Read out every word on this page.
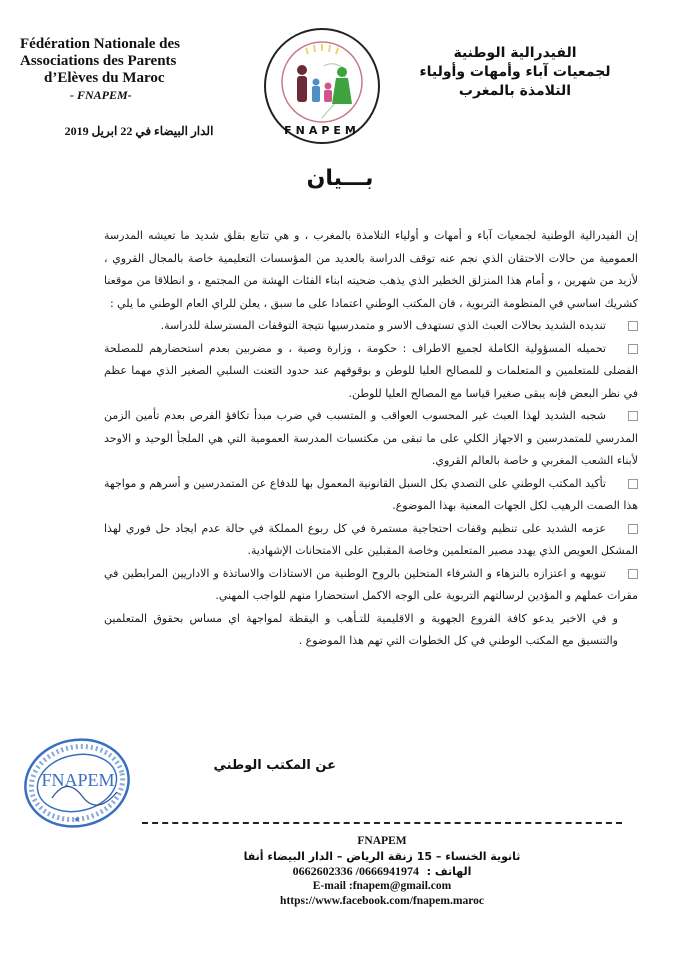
Fédération Nationale des
Associations des Parents
d’Elèves du Maroc
- FNAPEM-
الدار البيضاء في 22 ابريل 2019	FNAPEM
الفيدرالية الوطنية
لجمعيات آباء وأمهات وأولياء
التلامذة بالمغرب
بـــيان

إن الفيدرالية الوطنية لجمعيات آباء و أمهات و أولياء التلامذة بالمغرب ، و هي تتابع بقلق شديد ما تعيشه المدرسة العمومية من حالات الاحتقان الذي نجم عنه توقف الدراسة بالعديد من المؤسسات التعليمية خاصة بالمجال القروي ، لأزيد من شهرين ، و أمام هذا المنزلق الخطير الذي يذهب ضحيته ابناء الفئات الهشة من المجتمع ، و انطلاقا من موقعنا كشريك اساسي في المنظومة التربوية ، فان المكتب الوطني اعتمادا على ما سبق ، يعلن للراي العام الوطني ما يلي :

تنديده الشديد بحالات العبث الذي تستهدف الاسر و متمدرسيها نتيجة التوقفات المسترسلة للدراسة.

تحميله المسؤولية الكاملة لجميع الاطراف : حكومة ، وزارة وصية ، و مضربين بعدم استحضارهم للمصلحة الفضلى للمتعلمين و المتعلمات و للمصالح العليا للوطن و بوقوفهم عند حدود التعنت السلبي الصغير الذي مهما عظم في نظر البعض فإنه يبقى صغيرا قياسا مع المصالح العليا للوطن.

شجبه الشديد لهذا العبث غير المحسوب العواقب و المتسبب في ضرب مبدأ تكافؤ الفرص بعدم تأمين الزمن المدرسي للمتمدرسين و الاجهاز الكلي على ما تبقى من مكتسبات المدرسة العمومية التي هي الملجأ الوحيد و الاوحد لأبناء الشعب المغربي و خاصة بالعالم القروي.

تأكيد المكتب الوطني على التصدي بكل السبل القانونية المعمول بها للدفاع عن المتمدرسين و أسرهم و مواجهة هذا الصمت الرهيب لكل الجهات المعنية بهذا الموضوع.

عزمه الشديد على تنظيم وقفات احتجاجية مستمرة في كل ربوع المملكة في حالة عدم ايجاد حل فوري لهذا المشكل العويص الذي يهدد مصير المتعلمين وخاصة المقبلين على الامتحانات الإشهادية.

تنويهه و اعتزازه بالنزهاء و الشرفاء المتحلين بالروح الوطنية من الاستاذات والاساتذة و الاداريين المرابطين في مقرات عملهم و المؤدين لرسالتهم التربوية على الوجه الاكمل استحضارا منهم للواجب المهني.

و في الاخير يدعو كافة الفروع الجهوية و الاقليمية للتـأهب و اليقظة لمواجهة اي مساس بحقوق المتعلمين والتنسيق مع المكتب الوطني في كل الخطوات التي تهم هذا الموضوع .

FNAPEM
★
عن المكتب الوطني
FNAPEM
ثانوية الخنساء – 15 زنقة الرياض – الدار البيضاء أنفا
الهاتف :  0666941974/ 0662602336
E-mail :fnapem@gmail.com
https://www.facebook.com/fnapem.maroc
